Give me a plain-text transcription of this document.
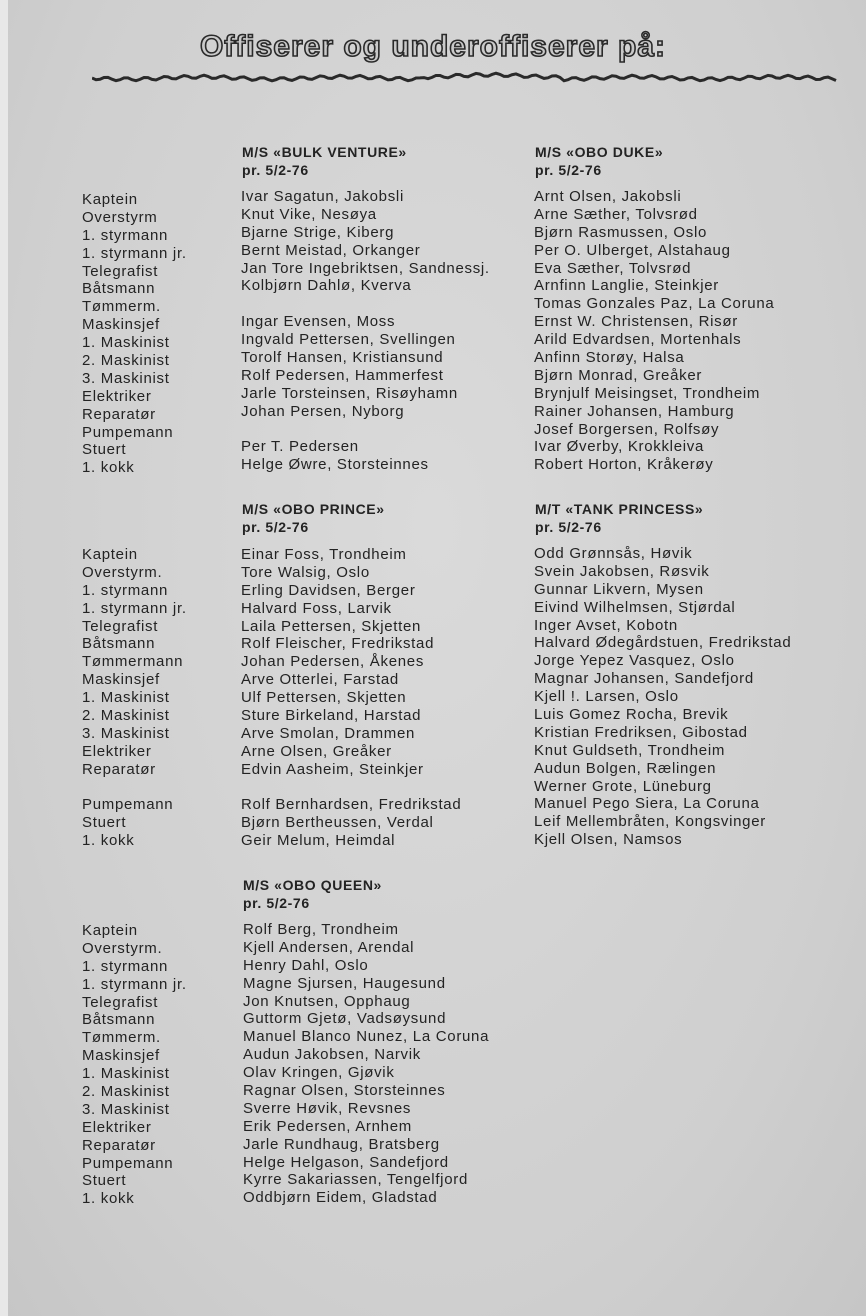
Offiserer og underoffiserer på:
Kaptein
Overstyrm
1. styrmann
1. styrmann jr.
Telegrafist
Båtsmann
Tømmerm.
Maskinsjef
1. Maskinist
2. Maskinist
3. Maskinist
Elektriker
Reparatør
Pumpemann
Stuert
1. kokk
M/S «BULK VENTURE»
pr. 5/2-76
Ivar Sagatun, Jakobsli
Knut Vike, Nesøya
Bjarne Strige, Kiberg
Bernt Meistad, Orkanger
Jan Tore Ingebriktsen, Sandnessj.
Kolbjørn Dahlø, Kverva
Ingar Evensen, Moss
Ingvald Pettersen, Svellingen
Torolf Hansen, Kristiansund
Rolf Pedersen, Hammerfest
Jarle Torsteinsen, Risøyhamn
Johan Persen, Nyborg
Per T. Pedersen
Helge Øwre, Storsteinnes
M/S «OBO DUKE»
pr. 5/2-76
Arnt Olsen, Jakobsli
Arne Sæther, Tolvsrød
Bjørn Rasmussen, Oslo
Per O. Ulberget, Alstahaug
Eva Sæther, Tolvsrød
Arnfinn Langlie, Steinkjer
Tomas Gonzales Paz, La Coruna
Ernst W. Christensen, Risør
Arild Edvardsen, Mortenhals
Anfinn Storøy, Halsa
Bjørn Monrad, Greåker
Brynjulf Meisingset, Trondheim
Rainer Johansen, Hamburg
Josef Borgersen, Rolfsøy
Ivar Øverby, Krokkleiva
Robert Horton, Kråkerøy
Kaptein
Overstyrm.
1. styrmann
1. styrmann jr.
Telegrafist
Båtsmann
Tømmermann
Maskinsjef
1. Maskinist
2. Maskinist
3. Maskinist
Elektriker
Reparatør
Pumpemann
Stuert
1. kokk
M/S «OBO PRINCE»
pr. 5/2-76
Einar Foss, Trondheim
Tore Walsig, Oslo
Erling Davidsen, Berger
Halvard Foss, Larvik
Laila Pettersen, Skjetten
Rolf Fleischer, Fredrikstad
Johan Pedersen, Åkenes
Arve Otterlei, Farstad
Ulf Pettersen, Skjetten
Sture Birkeland, Harstad
Arve Smolan, Drammen
Arne Olsen, Greåker
Edvin Aasheim, Steinkjer
Rolf Bernhardsen, Fredrikstad
Bjørn Bertheussen, Verdal
Geir Melum, Heimdal
M/T «TANK PRINCESS»
pr. 5/2-76
Odd Grønnsås, Høvik
Svein Jakobsen, Røsvik
Gunnar Likvern, Mysen
Eivind Wilhelmsen, Stjørdal
Inger Avset, Kobotn
Halvard Ødegårdstuen, Fredrikstad
Jorge Yepez Vasquez, Oslo
Magnar Johansen, Sandefjord
Kjell !. Larsen, Oslo
Luis Gomez Rocha, Brevik
Kristian Fredriksen, Gibostad
Knut Guldseth, Trondheim
Audun Bolgen, Rælingen
Werner Grote, Lüneburg
Manuel Pego Siera, La Coruna
Leif Mellembråten, Kongsvinger
Kjell Olsen, Namsos
Kaptein
Overstyrm.
1. styrmann
1. styrmann jr.
Telegrafist
Båtsmann
Tømmerm.
Maskinsjef
1. Maskinist
2. Maskinist
3. Maskinist
Elektriker
Reparatør
Pumpemann
Stuert
1. kokk
M/S «OBO QUEEN»
pr. 5/2-76
Rolf Berg, Trondheim
Kjell Andersen, Arendal
Henry Dahl, Oslo
Magne Sjursen, Haugesund
Jon Knutsen, Opphaug
Guttorm Gjetø, Vadsøysund
Manuel Blanco Nunez, La Coruna
Audun Jakobsen, Narvik
Olav Kringen, Gjøvik
Ragnar Olsen, Storsteinnes
Sverre Høvik, Revsnes
Erik Pedersen, Arnhem
Jarle Rundhaug, Bratsberg
Helge Helgason, Sandefjord
Kyrre Sakariassen, Tengelfjord
Oddbjørn Eidem, Gladstad
